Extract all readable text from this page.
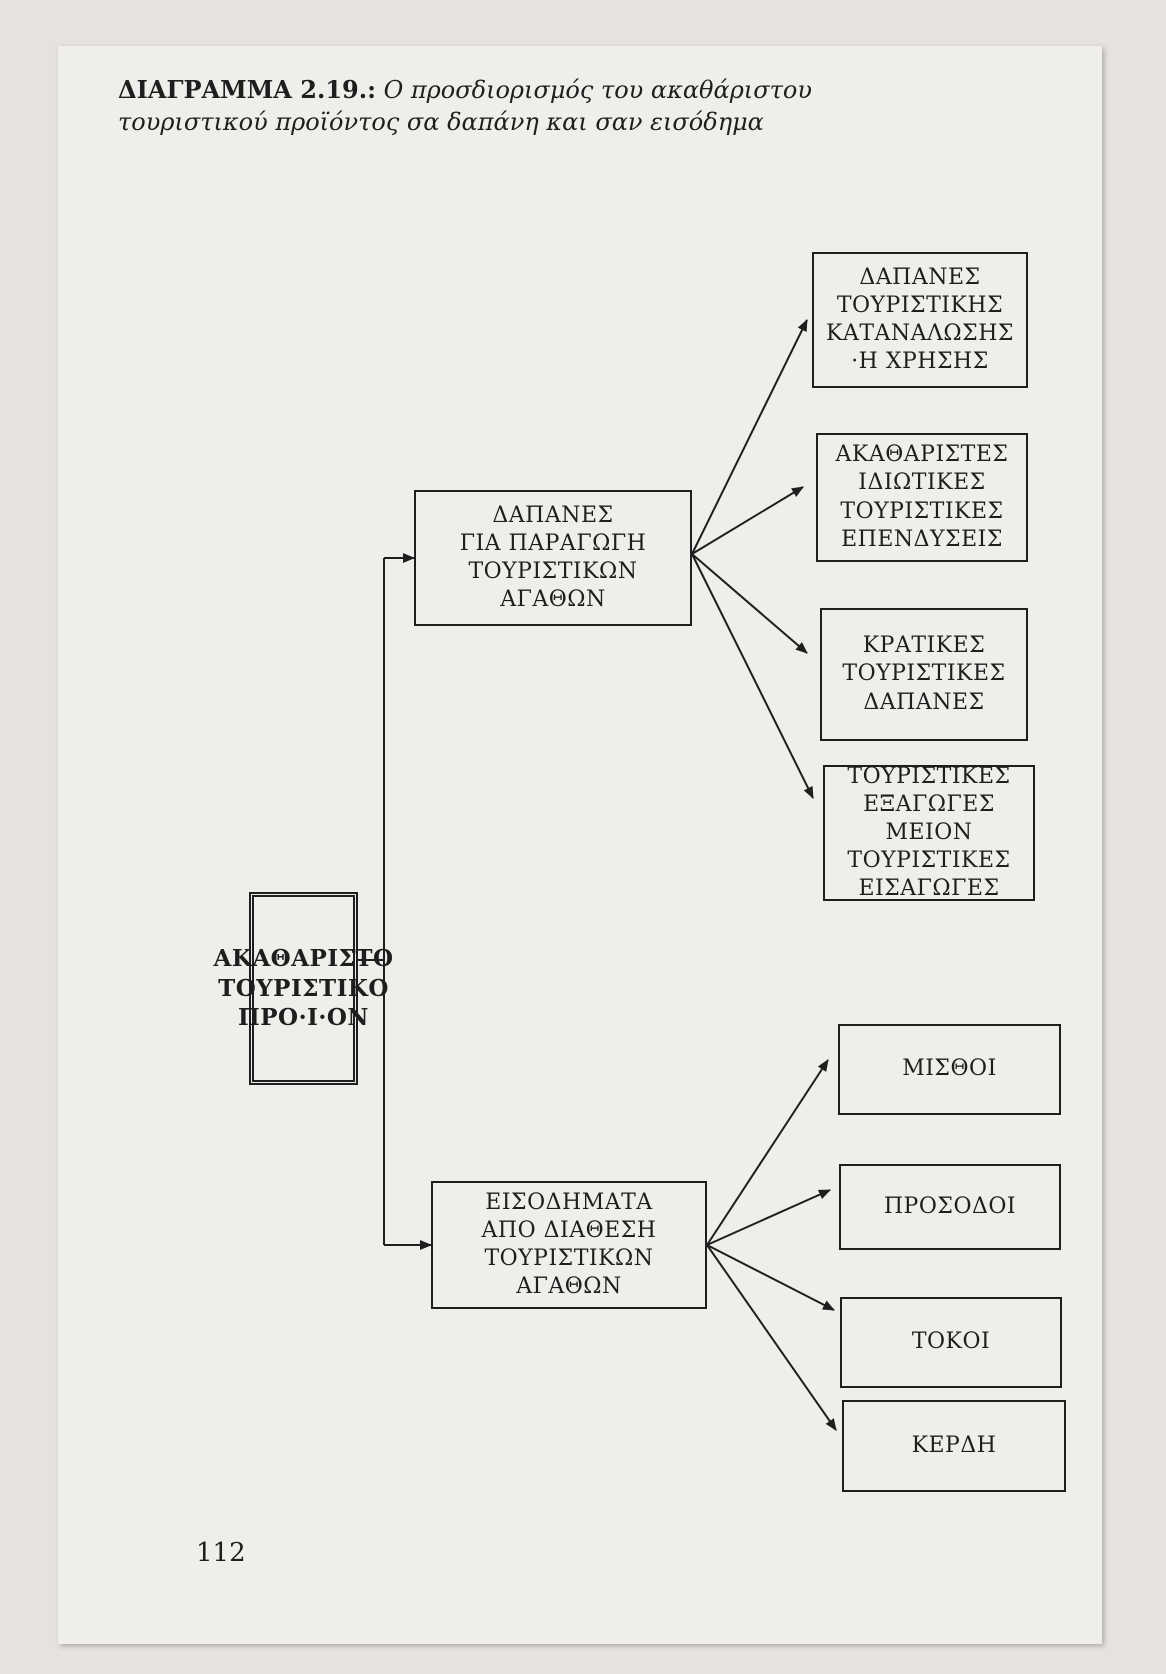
ΔΙΑΓΡΑΜΜΑ 2.19.: Ο προσδιορισμός του ακαθάριστου τουριστικού προϊόντος σα δαπάνη και σαν εισόδημα
112
ΑΚΑΘΑΡΙΣΤΟ
ΤΟΥΡΙΣΤΙΚΟ
ΠΡΟ·Ι·ΟΝ
ΔΑΠΑΝΕΣ
ΓΙΑ ΠΑΡΑΓΩΓΗ
ΤΟΥΡΙΣΤΙΚΩΝ
ΑΓΑΘΩΝ
ΕΙΣΟΔΗΜΑΤΑ
ΑΠΟ ΔΙΑΘΕΣΗ
ΤΟΥΡΙΣΤΙΚΩΝ
ΑΓΑΘΩΝ
ΔΑΠΑΝΕΣ
ΤΟΥΡΙΣΤΙΚΗΣ
ΚΑΤΑΝΑΛΩΣΗΣ
·Η ΧΡΗΣΗΣ
ΑΚΑΘΑΡΙΣΤΕΣ
ΙΔΙΩΤΙΚΕΣ
ΤΟΥΡΙΣΤΙΚΕΣ
ΕΠΕΝΔΥΣΕΙΣ
ΚΡΑΤΙΚΕΣ
ΤΟΥΡΙΣΤΙΚΕΣ
ΔΑΠΑΝΕΣ
ΤΟΥΡΙΣΤΙΚΕΣ
ΕΞΑΓΩΓΕΣ ΜΕΙΟΝ
ΤΟΥΡΙΣΤΙΚΕΣ
ΕΙΣΑΓΩΓΕΣ
ΜΙΣΘΟΙ
ΠΡΟΣΟΔΟΙ
ΤΟΚΟΙ
ΚΕΡΔΗ
